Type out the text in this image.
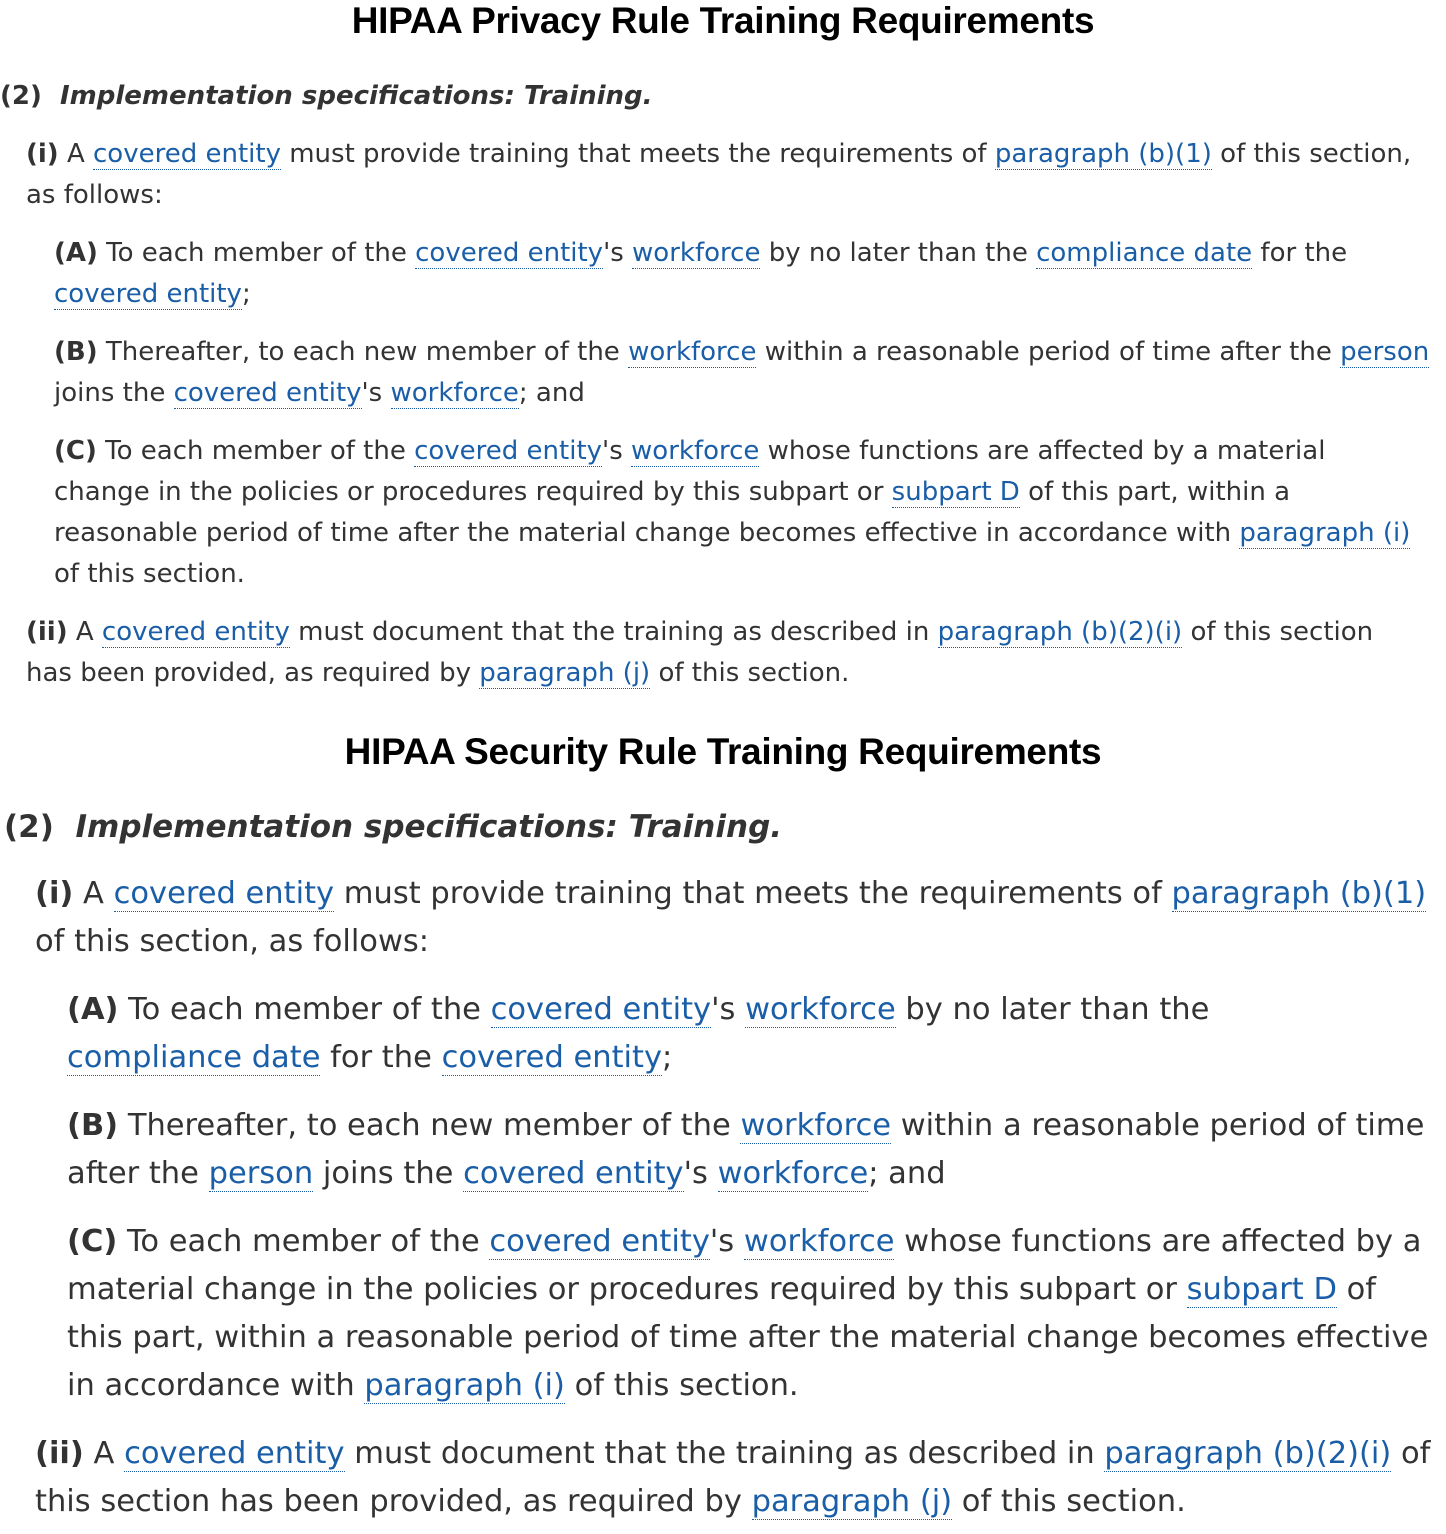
HIPAA Privacy Rule Training Requirements

(2) Implementation specifications: Training.

(i) A covered entity must provide training that meets the requirements of paragraph (b)(1) of this section, as follows:

(A) To each member of the covered entity's workforce by no later than the compliance date for the covered entity;

(B) Thereafter, to each new member of the workforce within a reasonable period of time after the person joins the covered entity's workforce; and

(C) To each member of the covered entity's workforce whose functions are affected by a material change in the policies or procedures required by this subpart or subpart D of this part, within a reasonable period of time after the material change becomes effective in accordance with paragraph (i) of this section.

(ii) A covered entity must document that the training as described in paragraph (b)(2)(i) of this section has been provided, as required by paragraph (j) of this section.

HIPAA Security Rule Training Requirements

(2) Implementation specifications: Training.

(i) A covered entity must provide training that meets the requirements of paragraph (b)(1) of this section, as follows:

(A) To each member of the covered entity's workforce by no later than the compliance date for the covered entity;

(B) Thereafter, to each new member of the workforce within a reasonable period of time after the person joins the covered entity's workforce; and

(C) To each member of the covered entity's workforce whose functions are affected by a material change in the policies or procedures required by this subpart or subpart D of this part, within a reasonable period of time after the material change becomes effective in accordance with paragraph (i) of this section.

(ii) A covered entity must document that the training as described in paragraph (b)(2)(i) of this section has been provided, as required by paragraph (j) of this section.
